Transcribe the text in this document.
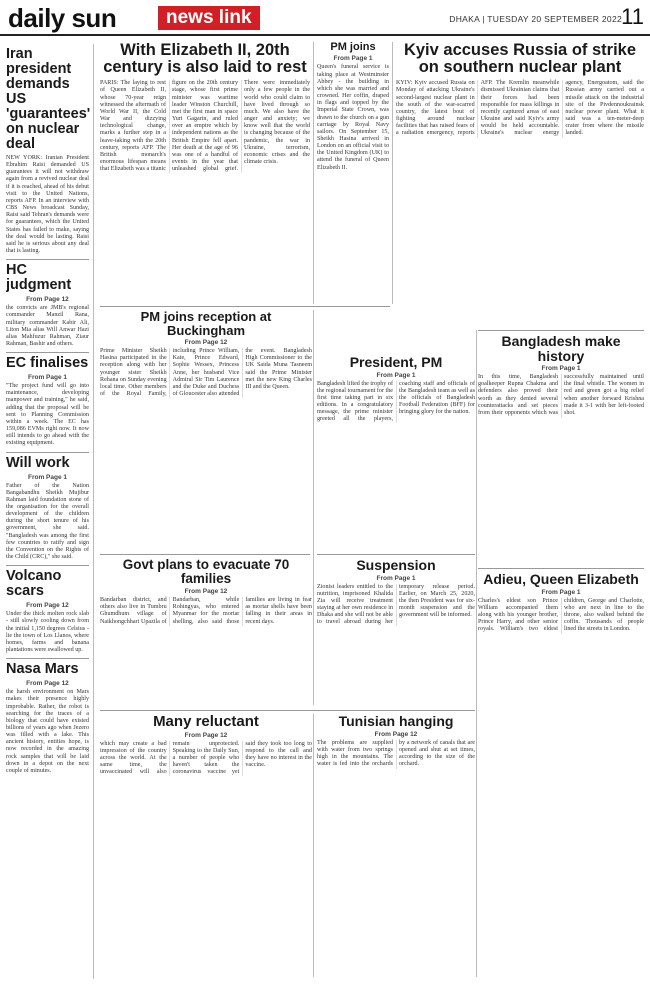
daily sun	news link	DHAKA | TUESDAY 20 SEPTEMBER 2022 11
Iran president demands US 'guarantees' on nuclear deal

NEW YORK: Iranian President Ebrahim Raisi demanded US guarantees it will not withdraw again from a revived nuclear deal if it is reached, ahead of his debut visit to the United Nations, reports AFP. In an interview with CBS News broadcast Sunday, Raisi said Tehran's demands were for guarantees, which the United States has failed to make, saying the deal would be lasting. Raisi said he is serious about any deal that is lasting.

HC judgment
From Page 12

the convicts are JMB's regional commander Manzil Rana, military commander Kabir Ali, Liton Mia alias Will Anwar Hazi alias Mahfuzur Rahman, Ziaur Rahman, Bashir and others.

EC finalises
From Page 1

"The project fund will go into maintenance, developing manpower and training," he said, adding that the proposal will be sent to Planning Commission within a week. The EC has 159,086 EVMs right now. It now still intends to go ahead with the existing equipment.

Will work
From Page 1

Father of the Nation Bangabandhu Sheikh Mujibur Rahman laid foundation stone of the organisation for the overall development of the children during the short tenure of his government, she said. "Bangladesh was among the first few countries to ratify and sign the Convention on the Rights of the Child (CRC)," she said.

Volcano scars
From Page 12

Under the thick molten rock slab - still slowly cooling down from the initial 1,150 degrees Celsius - lie the town of Los Llanos, where homes, farms and banana plantations were swallowed up.

Nasa Mars
From Page 12

the harsh environment on Mars makes their presence highly improbable. Rather, the robot is searching for the traces of a biology that could have existed billions of years ago when Jezero was filled with a lake. This ancient history, entities hope, is now recorded in the amazing rock samples that will be laid down in a depot on the next couple of minutes.

With Elizabeth II, 20th century is also laid to rest

PARIS: The laying to rest of Queen Elizabeth II, whose 70-year reign witnessed the aftermath of World War II, the Cold War and dizzying technological change, marks a further step in a leave-taking with the 20th century, reports AFP. The British monarch's enormous lifespan means that Elizabeth was a titanic figure on the 20th century stage, whose first prime minister was wartime leader Winston Churchill, met the first man in space Yuri Gagarin, and ruled over an empire which by independent nations as the British Empire fell apart. Her death at the age of 96 was one of a handful of events in the year that unleashed global grief. There were immediately only a few people in the world who could claim to have lived through so much. We also have the anger and anxiety; we know well that the world is changing because of the pandemic, the war in Ukraine, terrorism, economic crises and the climate crisis.

PM joins
From Page 1

Queen's funeral service is taking place at Westminster Abbey - the building in which she was married and crowned. Her coffin, draped in flags and topped by the Imperial State Crown, was drawn to the church on a gun carriage by Royal Navy sailors. On September 15, Sheikh Hasina arrived in London on an official visit to the United Kingdom (UK) to attend the funeral of Queen Elizabeth II.

Kyiv accuses Russia of strike on southern nuclear plant

KYIV: Kyiv accused Russia on Monday of attacking Ukraine's second-largest nuclear plant in the south of the war-scarred country, the latest bout of fighting around nuclear facilities that has raised fears of a radiation emergency, reports AFP. The Kremlin meanwhile dismissed Ukrainian claims that their forces had been responsible for mass killings in recently captured areas of east Ukraine and said Kyiv's army would be held accountable. Ukraine's nuclear energy agency, Energoatom, said the Russian army carried out a missile attack on the industrial site of the Pivdennoukrainsk nuclear power plant. What it said was a ten-meter-deep crater from where the missile landed.

PM joins reception at Buckingham
From Page 12

Prime Minister Sheikh Hasina participated in the reception along with her younger sister Sheikh Rehana on Sunday evening local time. Other members of the Royal Family, including Prince William, Kate, Prince Edward, Sophie Wessex, Princess Anne, her husband Vice Admiral Sir Tim Laurence and the Duke and Duchess of Gloucester also attended the event. Bangladesh High Commissioner to the UK Saida Muna Tasneem said the Prime Minister met the new King Charles III and the Queen.

President, PM
From Page 1

Bangladesh lifted the trophy of the regional tournament for the first time taking part in six editions. In a congratulatory message, the prime minister greeted all the players, coaching staff and officials of the Bangladesh team as well as the officials of Bangladesh Football Federation (BFF) for bringing glory for the nation.

Bangladesh make history
From Page 1

In this time, Bangladesh goalkeeper Rupna Chakma and defenders also proved their worth as they denied several counterattacks and set pieces from their opponents which was successfully maintained until the final whistle. The women in red and green got a big relief when another forward Krishna made it 3-1 with her left-footed shot.

Govt plans to evacuate 70 families
From Page 12

Bandarban district, and others also live in Tumbru Ghumdhum village of Naikhongchhari Upazila of Bandarban, while Rohingyas, who entered Myanmar for the mortar shelling, also said those families are living in fear as mortar shells have been falling in their areas in recent days.

Suspension
From Page 1

Zionist leaders entitled to the nutrition, imprisoned Khalida Zia will receive treatment staying at her own residence in Dhaka and she will not be able to travel abroad during her temporary release period. Earlier, on March 25, 2020, the then President was for six-month suspension and the government will be informed.

Adieu, Queen Elizabeth
From Page 1

Charles's eldest son Prince William accompanied them along with his younger brother, Prince Harry, and other senior royals. William's two eldest children, George and Charlotte, who are next in line to the throne, also walked behind the coffin. Thousands of people lined the streets in London.

Many reluctant
From Page 12

which may create a bad impression of the country across the world. At the same time, the unvaccinated will also remain unprotected. Speaking to the Daily Sun, a number of people who haven't taken the coronavirus vaccine yet said they took too long to respond to the call and they have no interest in the vaccine.

Tunisian hanging
From Page 12

The problems are supplied with water from two springs high in the mountains. The water is fed into the orchards by a network of canals that are opened and shut at set times, according to the size of the orchard.
